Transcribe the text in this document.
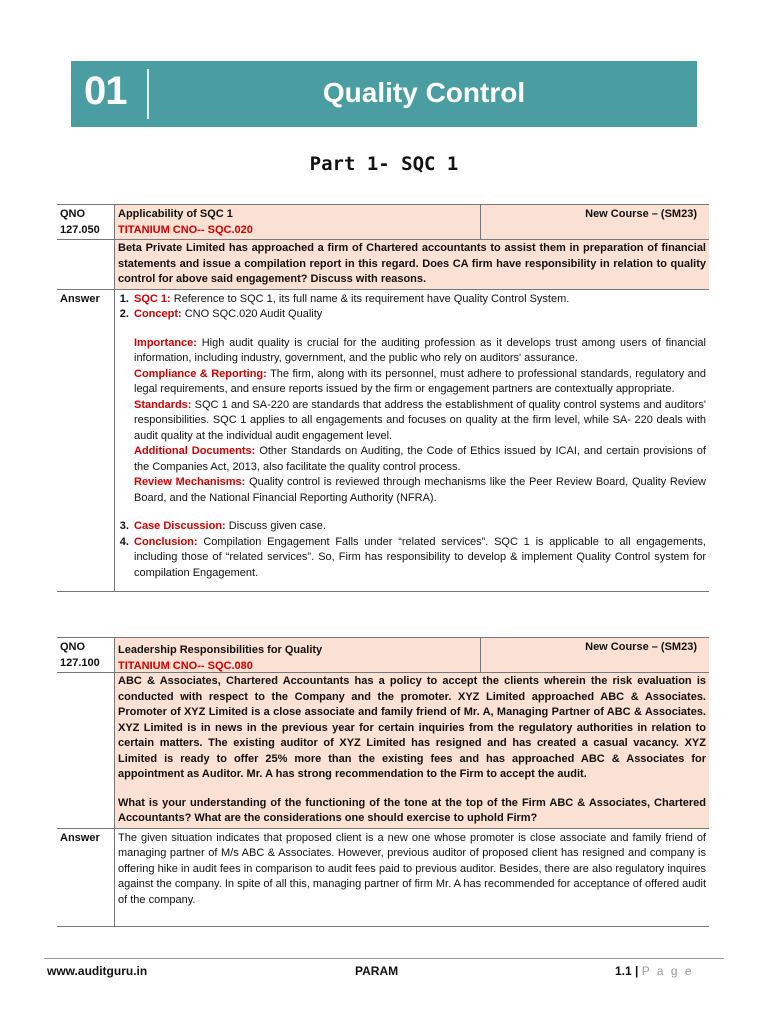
01	Quality Control
Part 1- SQC 1
QNO
127.050
Applicability of SQC 1
TITANIUM CNO-- SQC.020
New Course – (SM23)
Beta Private Limited has approached a firm of Chartered accountants to assist them in preparation of financial statements and issue a compilation report in this regard. Does CA firm have responsibility in relation to quality control for above said engagement? Discuss with reasons.
Answer
1.	SQC 1: Reference to SQC 1, its full name & its requirement have Quality Control System.
2. Concept: CNO SQC.020 Audit Quality

Importance: High audit quality is crucial for the auditing profession as it develops trust among users of financial information, including industry, government, and the public who rely on auditors' assurance.

Compliance & Reporting: The firm, along with its personnel, must adhere to professional standards, regulatory and legal requirements, and ensure reports issued by the firm or engagement partners are contextually appropriate.

Standards: SQC 1 and SA-220 are standards that address the establishment of quality control systems and auditors' responsibilities. SQC 1 applies to all engagements and focuses on quality at the firm level, while SA- 220 deals with audit quality at the individual audit engagement level.

Additional Documents: Other Standards on Auditing, the Code of Ethics issued by ICAI, and certain provisions of the Companies Act, 2013, also facilitate the quality control process.

Review Mechanisms: Quality control is reviewed through mechanisms like the Peer Review Board, Quality Review Board, and the National Financial Reporting Authority (NFRA).

3. Case Discussion: Discuss given case.
4. Conclusion: Compilation Engagement Falls under “related services”. SQC 1 is applicable to all engagements, including those of “related services”. So, Firm has responsibility to develop & implement Quality Control system for compilation Engagement.
QNO
127.100
Leadership Responsibilities for Quality
TITANIUM CNO-- SQC.080
New Course – (SM23)
ABC & Associates, Chartered Accountants has a policy to accept the clients wherein the risk evaluation is conducted with respect to the Company and the promoter. XYZ Limited approached ABC & Associates. Promoter of XYZ Limited is a close associate and family friend of Mr. A, Managing Partner of ABC & Associates. XYZ Limited is in news in the previous year for certain inquiries from the regulatory authorities in relation to certain matters. The existing auditor of XYZ Limited has resigned and has created a casual vacancy. XYZ Limited is ready to offer 25% more than the existing fees and has approached ABC & Associates for appointment as Auditor. Mr. A has strong recommendation to the Firm to accept the audit.
What is your understanding of the functioning of the tone at the top of the Firm ABC & Associates, Chartered Accountants? What are the considerations one should exercise to uphold Firm?
Answer	The given situation indicates that proposed client is a new one whose promoter is close associate and family friend of managing partner of M/s ABC & Associates. However, previous auditor of proposed client has resigned and company is offering hike in audit fees in comparison to audit fees paid to previous auditor. Besides, there are also regulatory inquires against the company. In spite of all this, managing partner of firm Mr. A has recommended for acceptance of offered audit of the company.
www.auditguru.in	PARAM	1.1 | P a g e
